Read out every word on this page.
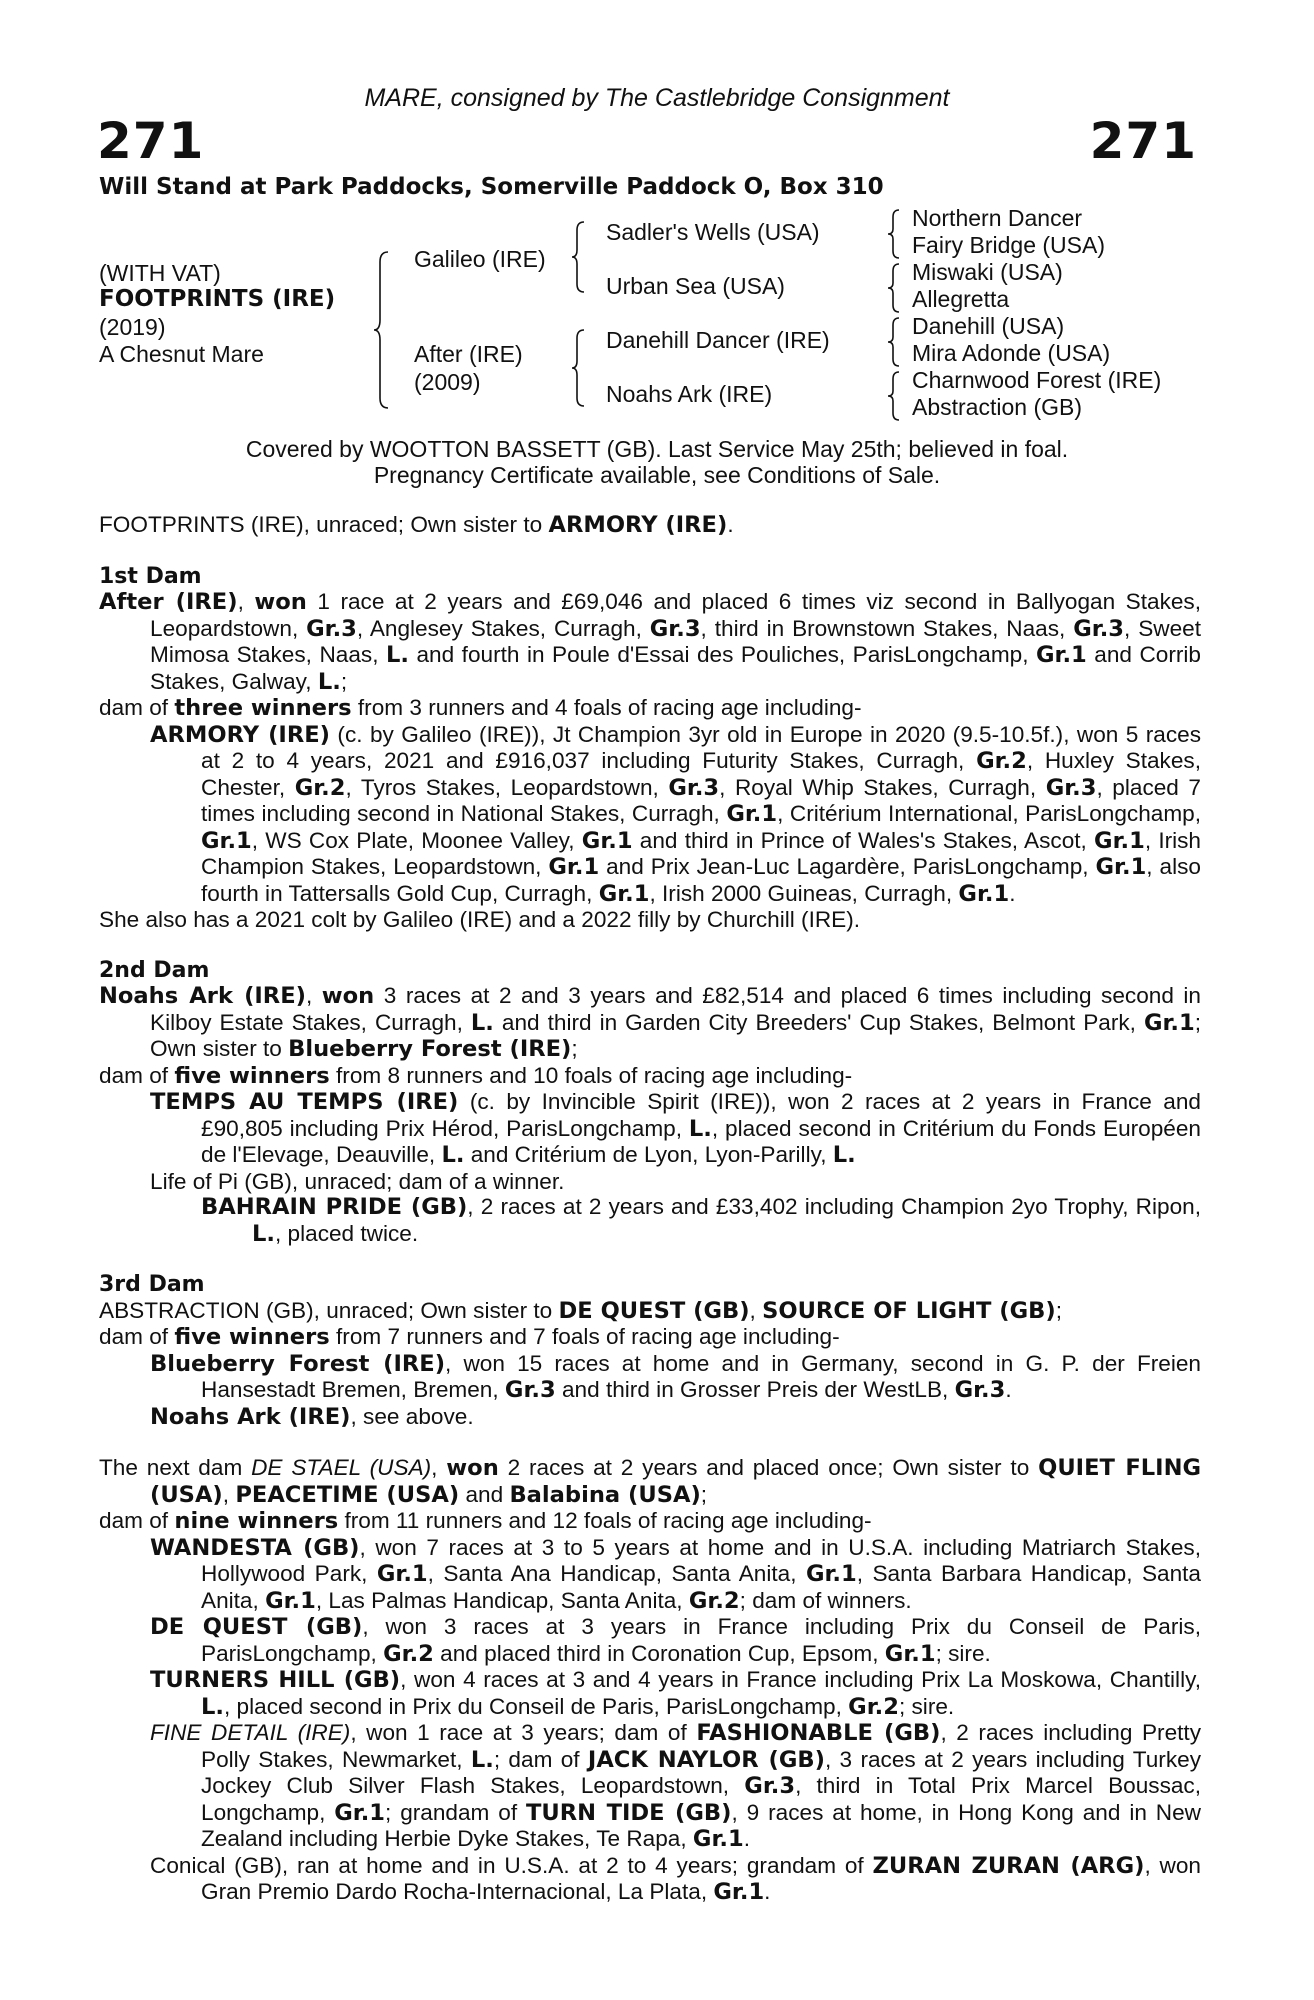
MARE, consigned by The Castlebridge Consignment
271	271
Will Stand at Park Paddocks, Somerville Paddock O, Box 310
(WITH VAT)
FOOTPRINTS (IRE)
(2019)
A Chesnut Mare
Galileo (IRE)
After (IRE)
(2009)
Sadler's Wells (USA)
Urban Sea (USA)
Danehill Dancer (IRE)
Noahs Ark (IRE)
Northern Dancer
Fairy Bridge (USA)
Miswaki (USA)
Allegretta
Danehill (USA)
Mira Adonde (USA)
Charnwood Forest (IRE)
Abstraction (GB)
Covered by WOOTTON BASSETT (GB). Last Service May 25th; believed in foal.
Pregnancy Certificate available, see Conditions of Sale.

FOOTPRINTS (IRE), unraced; Own sister to ARMORY (IRE).

1st Dam

After (IRE), won 1 race at 2 years and £69,046 and placed 6 times viz second in Ballyogan Stakes, Leopardstown, Gr.3, Anglesey Stakes, Curragh, Gr.3, third in Brownstown Stakes, Naas, Gr.3, Sweet Mimosa Stakes, Naas, L. and fourth in Poule d'Essai des Pouliches, ParisLongchamp, Gr.1 and Corrib Stakes, Galway, L.;

dam of three winners from 3 runners and 4 foals of racing age including-

ARMORY (IRE) (c. by Galileo (IRE)), Jt Champion 3yr old in Europe in 2020 (9.5-10.5f.), won 5 races at 2 to 4 years, 2021 and £916,037 including Futurity Stakes, Curragh, Gr.2, Huxley Stakes, Chester, Gr.2, Tyros Stakes, Leopardstown, Gr.3, Royal Whip Stakes, Curragh, Gr.3, placed 7 times including second in National Stakes, Curragh, Gr.1, Critérium International, ParisLongchamp, Gr.1, WS Cox Plate, Moonee Valley, Gr.1 and third in Prince of Wales's Stakes, Ascot, Gr.1, Irish Champion Stakes, Leopardstown, Gr.1 and Prix Jean-Luc Lagardère, ParisLongchamp, Gr.1, also fourth in Tattersalls Gold Cup, Curragh, Gr.1, Irish 2000 Guineas, Curragh, Gr.1.

She also has a 2021 colt by Galileo (IRE) and a 2022 filly by Churchill (IRE).

2nd Dam

Noahs Ark (IRE), won 3 races at 2 and 3 years and £82,514 and placed 6 times including second in Kilboy Estate Stakes, Curragh, L. and third in Garden City Breeders' Cup Stakes, Belmont Park, Gr.1; Own sister to Blueberry Forest (IRE);

dam of five winners from 8 runners and 10 foals of racing age including-

TEMPS AU TEMPS (IRE) (c. by Invincible Spirit (IRE)), won 2 races at 2 years in France and £90,805 including Prix Hérod, ParisLongchamp, L., placed second in Critérium du Fonds Européen de l'Elevage, Deauville, L. and Critérium de Lyon, Lyon-Parilly, L.

Life of Pi (GB), unraced; dam of a winner.

BAHRAIN PRIDE (GB), 2 races at 2 years and £33,402 including Champion 2yo Trophy, Ripon, L., placed twice.

3rd Dam

ABSTRACTION (GB), unraced; Own sister to DE QUEST (GB), SOURCE OF LIGHT (GB);

dam of five winners from 7 runners and 7 foals of racing age including-

Blueberry Forest (IRE), won 15 races at home and in Germany, second in G. P. der Freien Hansestadt Bremen, Bremen, Gr.3 and third in Grosser Preis der WestLB, Gr.3.

Noahs Ark (IRE), see above.

The next dam DE STAEL (USA), won 2 races at 2 years and placed once; Own sister to QUIET FLING (USA), PEACETIME (USA) and Balabina (USA);

dam of nine winners from 11 runners and 12 foals of racing age including-

WANDESTA (GB), won 7 races at 3 to 5 years at home and in U.S.A. including Matriarch Stakes, Hollywood Park, Gr.1, Santa Ana Handicap, Santa Anita, Gr.1, Santa Barbara Handicap, Santa Anita, Gr.1, Las Palmas Handicap, Santa Anita, Gr.2; dam of winners.

DE QUEST (GB), won 3 races at 3 years in France including Prix du Conseil de Paris, ParisLongchamp, Gr.2 and placed third in Coronation Cup, Epsom, Gr.1; sire.

TURNERS HILL (GB), won 4 races at 3 and 4 years in France including Prix La Moskowa, Chantilly, L., placed second in Prix du Conseil de Paris, ParisLongchamp, Gr.2; sire.

FINE DETAIL (IRE), won 1 race at 3 years; dam of FASHIONABLE (GB), 2 races including Pretty Polly Stakes, Newmarket, L.; dam of JACK NAYLOR (GB), 3 races at 2 years including Turkey Jockey Club Silver Flash Stakes, Leopardstown, Gr.3, third in Total Prix Marcel Boussac, Longchamp, Gr.1; grandam of TURN TIDE (GB), 9 races at home, in Hong Kong and in New Zealand including Herbie Dyke Stakes, Te Rapa, Gr.1.

Conical (GB), ran at home and in U.S.A. at 2 to 4 years; grandam of ZURAN ZURAN (ARG), won Gran Premio Dardo Rocha-Internacional, La Plata, Gr.1.
